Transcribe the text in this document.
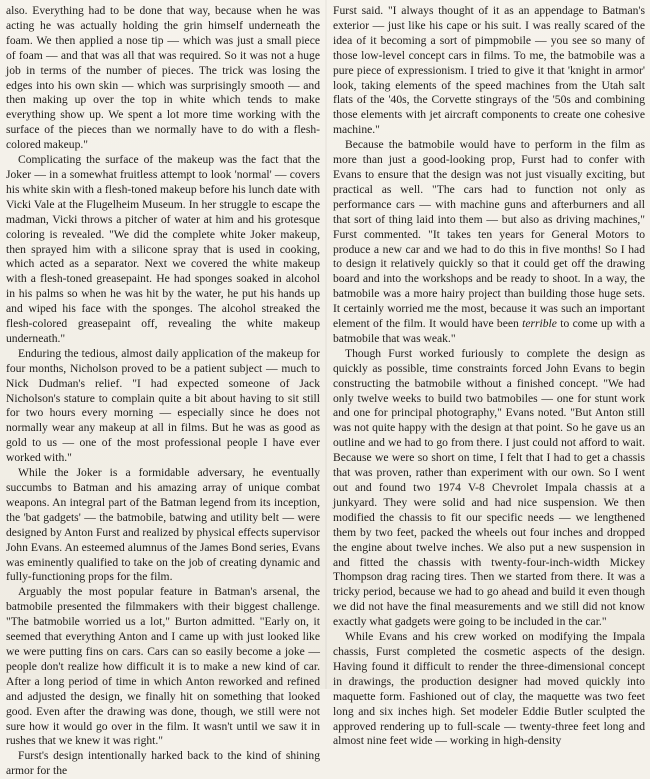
also. Everything had to be done that way, because when he was acting he was actually holding the grin himself underneath the foam. We then applied a nose tip — which was just a small piece of foam — and that was all that was required. So it was not a huge job in terms of the number of pieces. The trick was losing the edges into his own skin — which was surprisingly smooth — and then making up over the top in white which tends to make everything show up. We spent a lot more time working with the surface of the pieces than we normally have to do with a flesh-colored makeup."

Complicating the surface of the makeup was the fact that the Joker — in a somewhat fruitless attempt to look 'normal' — covers his white skin with a flesh-toned makeup before his lunch date with Vicki Vale at the Flugelheim Museum. In her struggle to escape the madman, Vicki throws a pitcher of water at him and his grotesque coloring is revealed. "We did the complete white Joker makeup, then sprayed him with a silicone spray that is used in cooking, which acted as a separator. Next we covered the white makeup with a flesh-toned greasepaint. He had sponges soaked in alcohol in his palms so when he was hit by the water, he put his hands up and wiped his face with the sponges. The alcohol streaked the flesh-colored greasepaint off, revealing the white makeup underneath."

Enduring the tedious, almost daily application of the makeup for four months, Nicholson proved to be a patient subject — much to Nick Dudman's relief. "I had expected someone of Jack Nicholson's stature to complain quite a bit about having to sit still for two hours every morning — especially since he does not normally wear any makeup at all in films. But he was as good as gold to us — one of the most professional people I have ever worked with."

While the Joker is a formidable adversary, he eventually succumbs to Batman and his amazing array of unique combat weapons. An integral part of the Batman legend from its inception, the 'bat gadgets' — the batmobile, batwing and utility belt — were designed by Anton Furst and realized by physical effects supervisor John Evans. An esteemed alumnus of the James Bond series, Evans was eminently qualified to take on the job of creating dynamic and fully-functioning props for the film.

Arguably the most popular feature in Batman's arsenal, the batmobile presented the filmmakers with their biggest challenge. "The batmobile worried us a lot," Burton admitted. "Early on, it seemed that everything Anton and I came up with just looked like we were putting fins on cars. Cars can so easily become a joke — people don't realize how difficult it is to make a new kind of car. After a long period of time in which Anton reworked and refined and adjusted the design, we finally hit on something that looked good. Even after the drawing was done, though, we still were not sure how it would go over in the film. It wasn't until we saw it in rushes that we knew it was right."

Furst's design intentionally harked back to the kind of shining armor for the

Furst said. "I always thought of it as an appendage to Batman's exterior — just like his cape or his suit. I was really scared of the idea of it becoming a sort of pimpmobile — you see so many of those low-level concept cars in films. To me, the batmobile was a pure piece of expressionism. I tried to give it that 'knight in armor' look, taking elements of the speed machines from the Utah salt flats of the '40s, the Corvette stingrays of the '50s and combining those elements with jet aircraft components to create one cohesive machine."

Because the batmobile would have to perform in the film as more than just a good-looking prop, Furst had to confer with Evans to ensure that the design was not just visually exciting, but practical as well. "The cars had to function not only as performance cars — with machine guns and afterburners and all that sort of thing laid into them — but also as driving machines," Furst commented. "It takes ten years for General Motors to produce a new car and we had to do this in five months! So I had to design it relatively quickly so that it could get off the drawing board and into the workshops and be ready to shoot. In a way, the batmobile was a more hairy project than building those huge sets. It certainly worried me the most, because it was such an important element of the film. It would have been terrible to come up with a batmobile that was weak."

Though Furst worked furiously to complete the design as quickly as possible, time constraints forced John Evans to begin constructing the batmobile without a finished concept. "We had only twelve weeks to build two batmobiles — one for stunt work and one for principal photography," Evans noted. "But Anton still was not quite happy with the design at that point. So he gave us an outline and we had to go from there. I just could not afford to wait. Because we were so short on time, I felt that I had to get a chassis that was proven, rather than experiment with our own. So I went out and found two 1974 V-8 Chevrolet Impala chassis at a junkyard. They were solid and had nice suspension. We then modified the chassis to fit our specific needs — we lengthened them by two feet, packed the wheels out four inches and dropped the engine about twelve inches. We also put a new suspension in and fitted the chassis with twenty-four-inch-width Mickey Thompson drag racing tires. Then we started from there. It was a tricky period, because we had to go ahead and build it even though we did not have the final measurements and we still did not know exactly what gadgets were going to be included in the car."

While Evans and his crew worked on modifying the Impala chassis, Furst completed the cosmetic aspects of the design. Having found it difficult to render the three-dimensional concept in drawings, the production designer had moved quickly into maquette form. Fashioned out of clay, the maquette was two feet long and six inches high. Set modeler Eddie Butler sculpted the approved rendering up to full-scale — twenty-three feet long and almost nine feet wide — working in high-density
